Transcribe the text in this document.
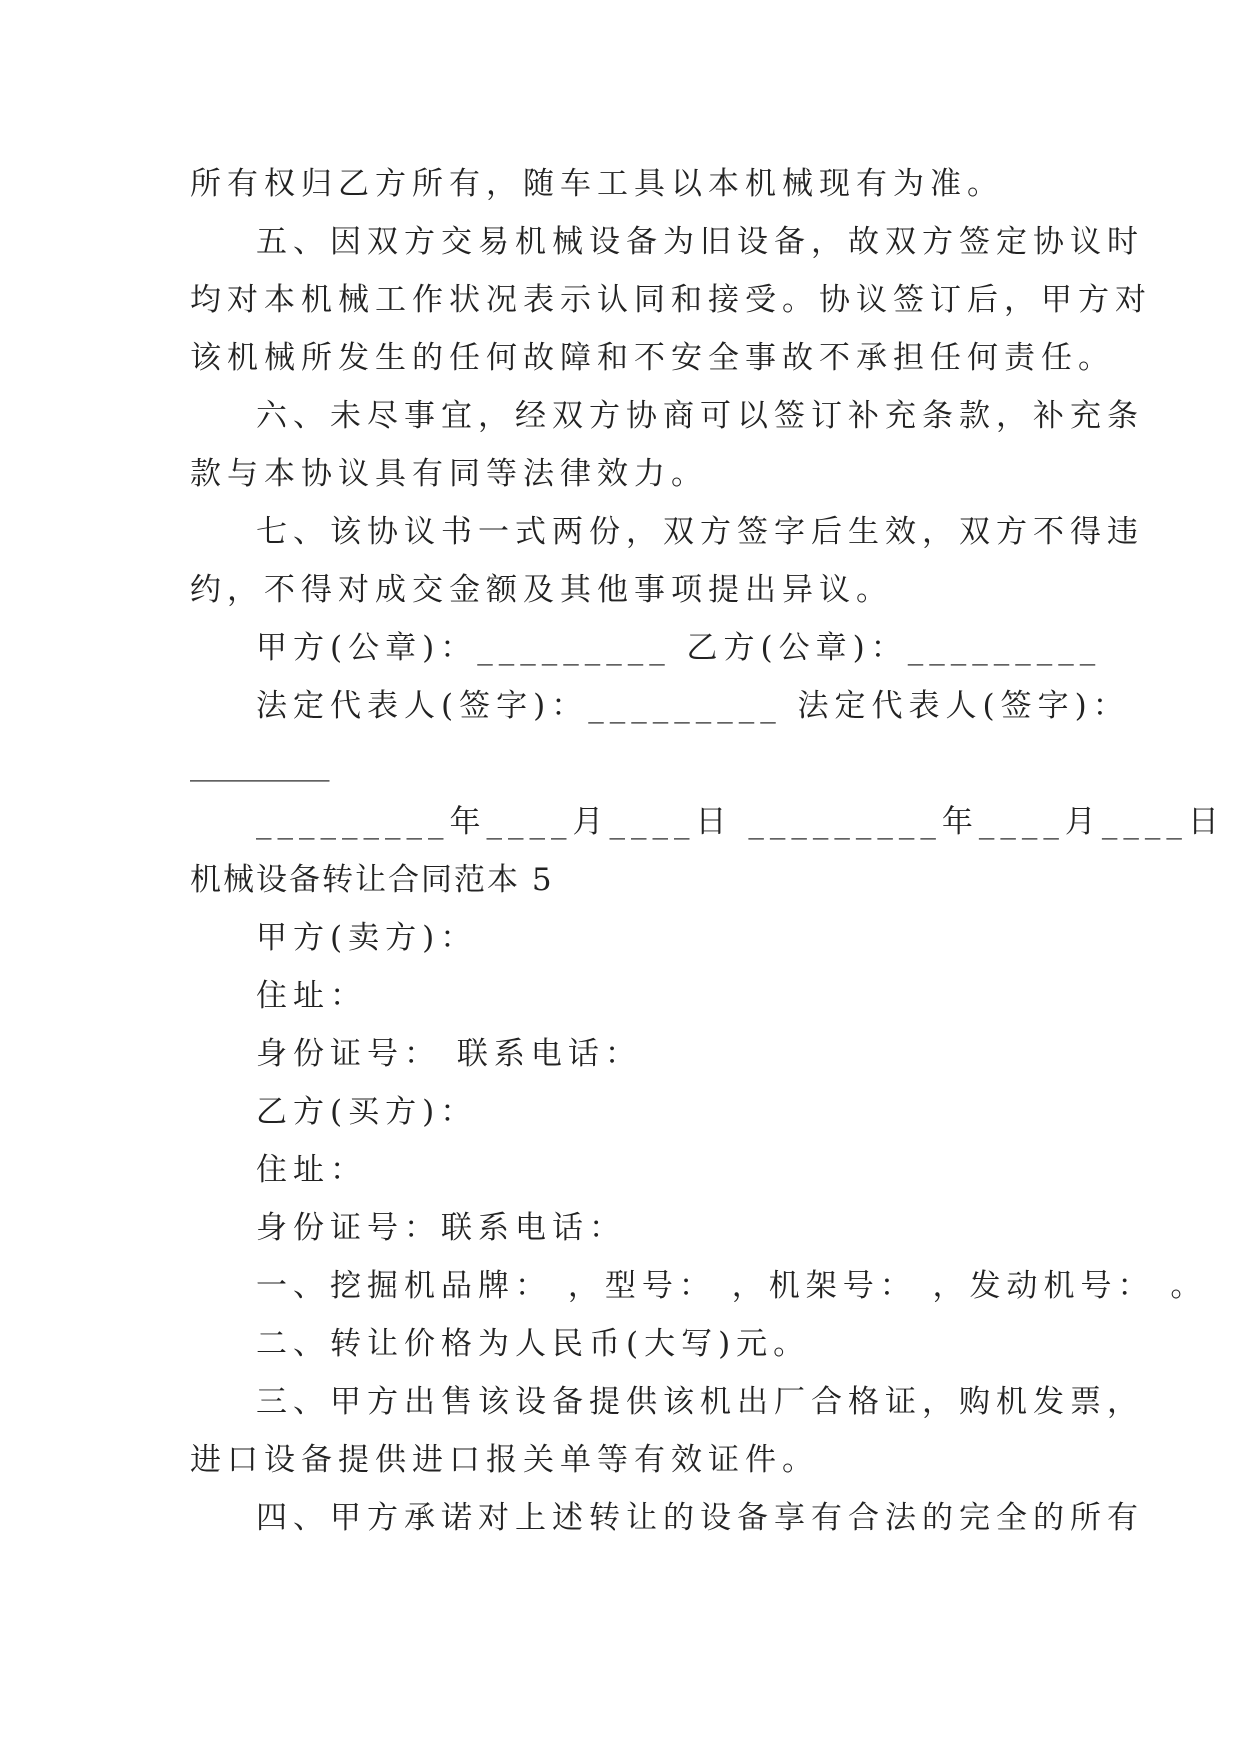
所有权归乙方所有，随车工具以本机械现有为准。
五、因双方交易机械设备为旧设备，故双方签定协议时
均对本机械工作状况表示认同和接受。协议签订后，甲方对
该机械所发生的任何故障和不安全事故不承担任何责任。
六、未尽事宜，经双方协商可以签订补充条款，补充条
款与本协议具有同等法律效力。
七、该协议书一式两份，双方签字后生效，双方不得违
约，不得对成交金额及其他事项提出异议。
甲方(公章)：_________ 乙方(公章)：_________
法定代表人(签字)：_________ 法定代表人(签字)：
_________
_________年____月____日 _________年____月____日
机械设备转让合同范本 5
甲方(卖方)：
住址：
身份证号： 联系电话：
乙方(买方)：
住址：
身份证号：联系电话：
一、挖掘机品牌： ，型号： ，机架号： ，发动机号： 。
二、转让价格为人民币(大写)元。
三、甲方出售该设备提供该机出厂合格证，购机发票，
进口设备提供进口报关单等有效证件。
四、甲方承诺对上述转让的设备享有合法的完全的所有
